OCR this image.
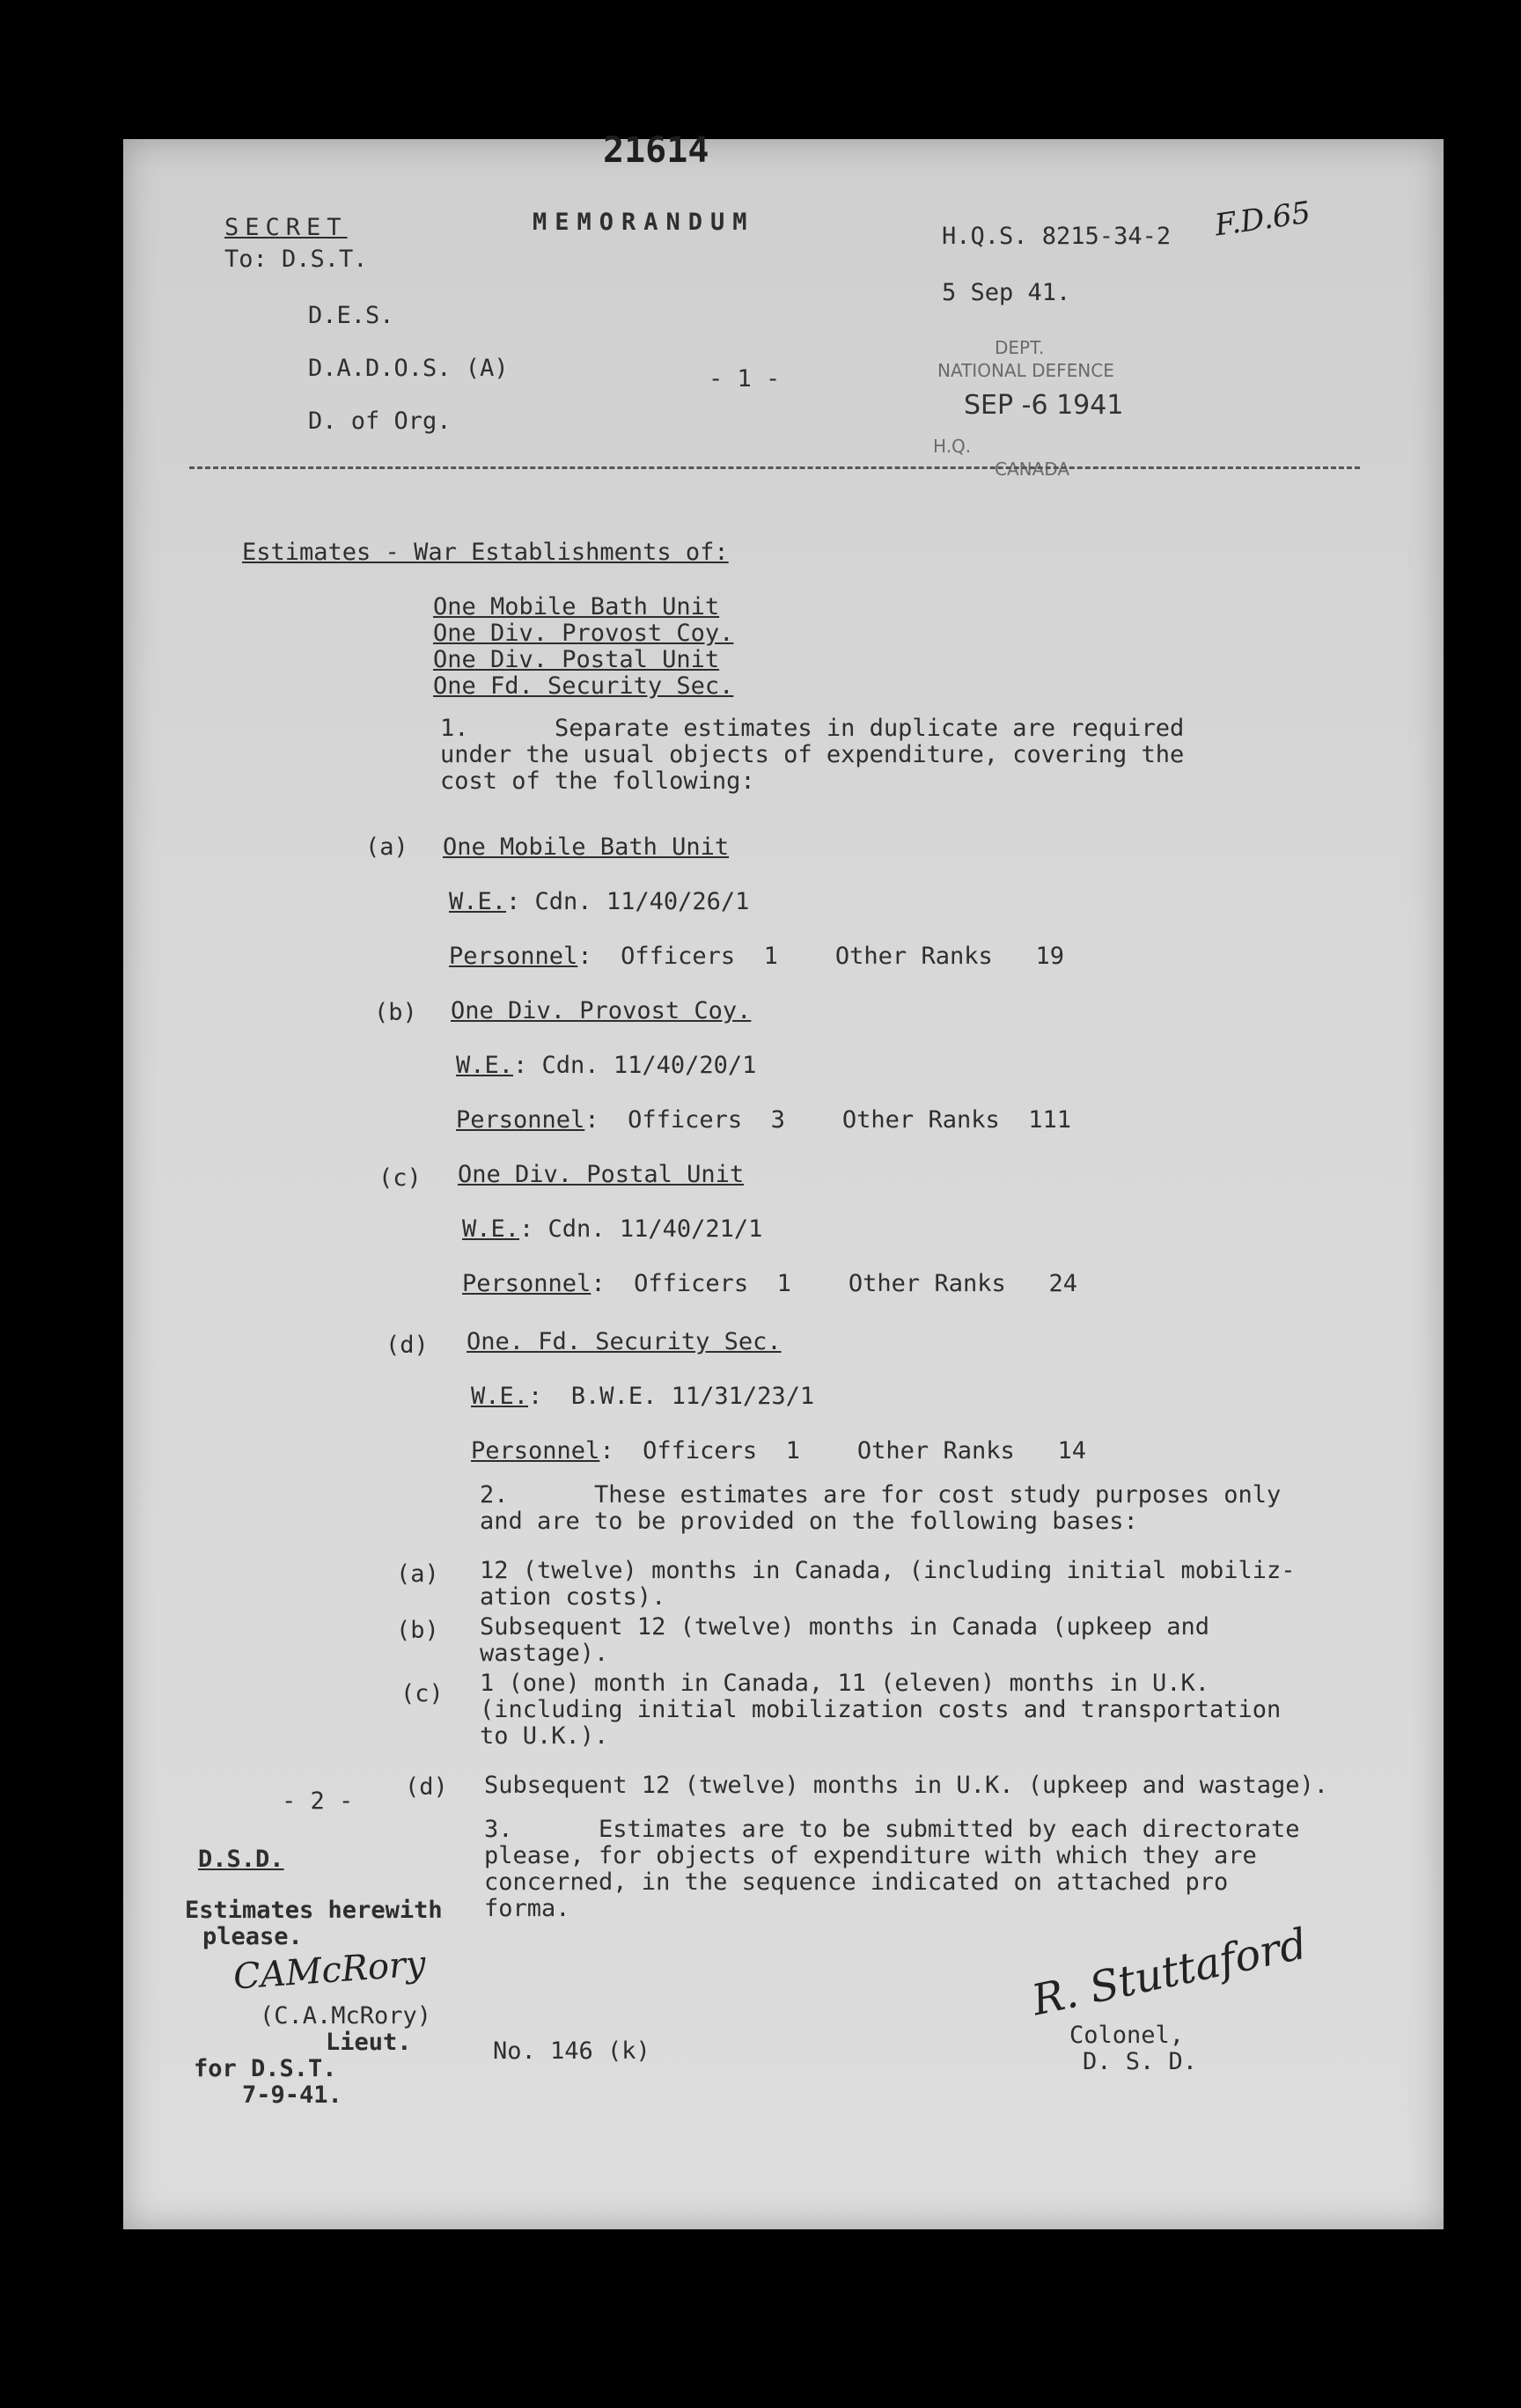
21614
SECRET	MEMORANDUM
H.Q.S. 8215-34-2 F.D.65
5 Sep 41.
To: D.S.T.
D.E.S.
D.A.D.O.S. (A)
D. of Org.
- 1 -
DEPT.
NATIONAL DEFENCE
SEP -6 1941
H.Q.
CANADA
Estimates - War Establishments of:
One Mobile Bath Unit
One Div. Provost Coy.
One Div. Postal Unit
One Fd. Security Sec.
1.      Separate estimates in duplicate are required
under the usual objects of expenditure, covering the
cost of the following:
(a) One Mobile Bath Unit
W.E.: Cdn. 11/40/26/1
Personnel:  Officers  1    Other Ranks   19
(b) One Div. Provost Coy.
W.E.: Cdn. 11/40/20/1
Personnel:  Officers  3    Other Ranks  111
(c) One Div. Postal Unit
W.E.: Cdn. 11/40/21/1
Personnel:  Officers  1    Other Ranks   24
(d) One. Fd. Security Sec.
W.E.:  B.W.E. 11/31/23/1
Personnel:  Officers  1    Other Ranks   14
2.      These estimates are for cost study purposes only
and are to be provided on the following bases:
(a) 12 (twelve) months in Canada, (including initial mobiliz-
ation costs).
(b) Subsequent 12 (twelve) months in Canada (upkeep and
wastage).
(c) 1 (one) month in Canada, 11 (eleven) months in U.K.
(including initial mobilization costs and transportation
to U.K.).
(d) Subsequent 12 (twelve) months in U.K. (upkeep and wastage).
- 2 -
3.      Estimates are to be submitted by each directorate
please, for objects of expenditure with which they are
concerned, in the sequence indicated on attached pro
forma.
D.S.D.
Estimates herewith
please.
CAMcRory
(C.A.McRory)
Lieut.
for D.S.T.
7-9-41.
No. 146 (k)
R. Stuttaford
Colonel,
D. S. D.
